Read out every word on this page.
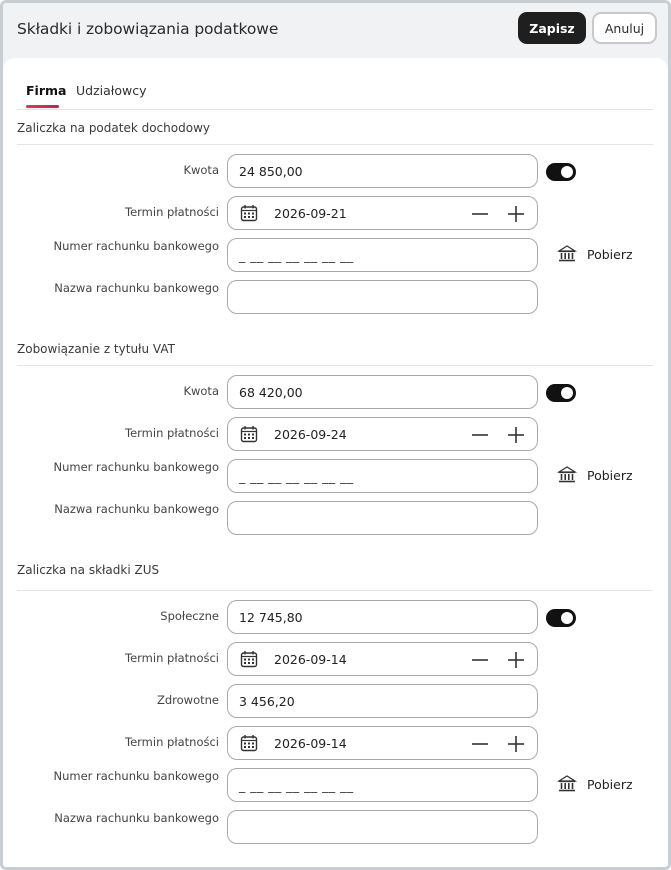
Składki i zobowiązania podatkowe	Zapisz	Anuluj
Firma Udziałowcy
Zaliczka na podatek dochodowy
Kwota 24 850,00
Termin płatności	2026-09-21
Numer rachunku bankowego
_ __ __ __ __ __ __	Pobierz
Nazwa rachunku bankowego
Zobowiązanie z tytułu VAT
Kwota 68 420,00
Termin płatności	2026-09-24
Numer rachunku bankowego
_ __ __ __ __ __ __	Pobierz
Nazwa rachunku bankowego
Zaliczka na składki ZUS
Społeczne 12 745,80
Termin płatności	2026-09-14
Zdrowotne 3 456,20
Termin płatności	2026-09-14
Numer rachunku bankowego
_ __ __ __ __ __ __	Pobierz
Nazwa rachunku bankowego
